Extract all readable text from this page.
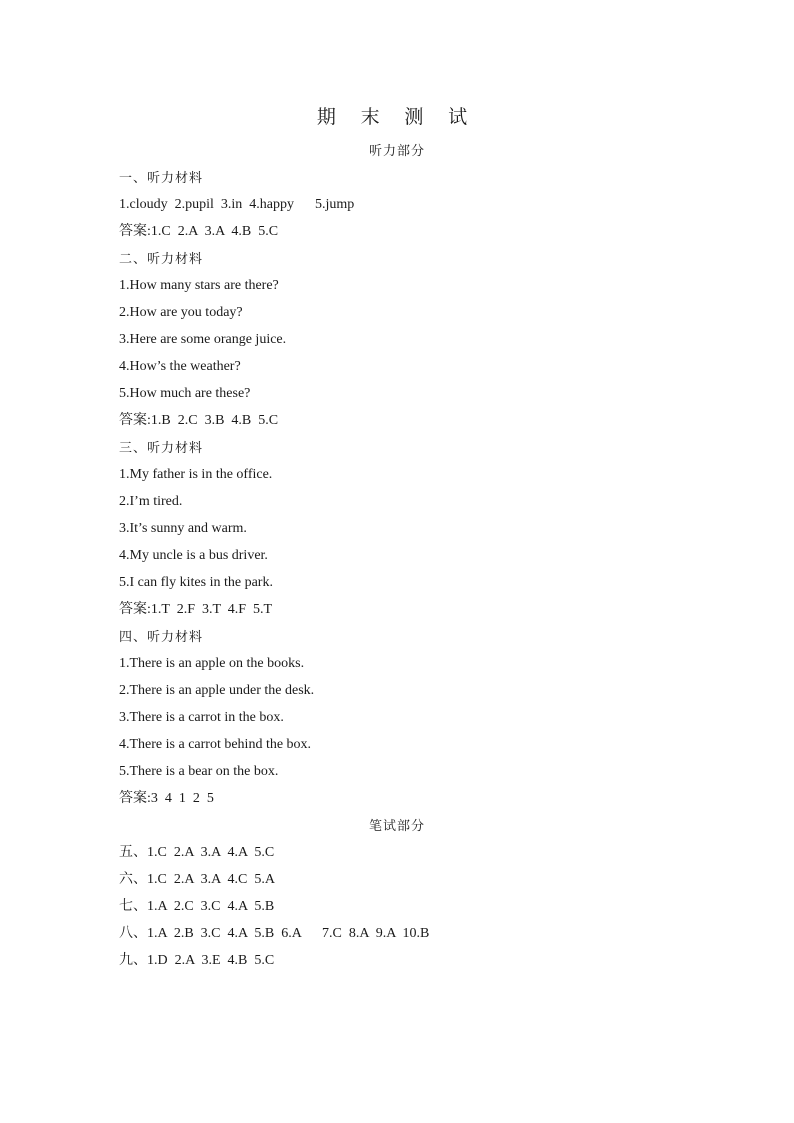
期 末 测 试
听力部分
一、听力材料
1.cloudy  2.pupil  3.in  4.happy      5.jump
答案:1.C  2.A  3.A  4.B  5.C
二、听力材料
1.How many stars are there?
2.How are you today?
3.Here are some orange juice.
4.How’s the weather?
5.How much are these?
答案:1.B  2.C  3.B  4.B  5.C
三、听力材料
1.My father is in the office.
2.I’m tired.
3.It’s sunny and warm.
4.My uncle is a bus driver.
5.I can fly kites in the park.
答案:1.T  2.F  3.T  4.F  5.T
四、听力材料
1.There is an apple on the books.
2.There is an apple under the desk.
3.There is a carrot in the box.
4.There is a carrot behind the box.
5.There is a bear on the box.
答案:3  4  1  2  5
笔试部分
五、1.C  2.A  3.A  4.A  5.C
六、1.C  2.A  3.A  4.C  5.A
七、1.A  2.C  3.C  4.A  5.B
八、1.A  2.B  3.C  4.A  5.B  6.A      7.C  8.A  9.A  10.B
九、1.D  2.A  3.E  4.B  5.C
